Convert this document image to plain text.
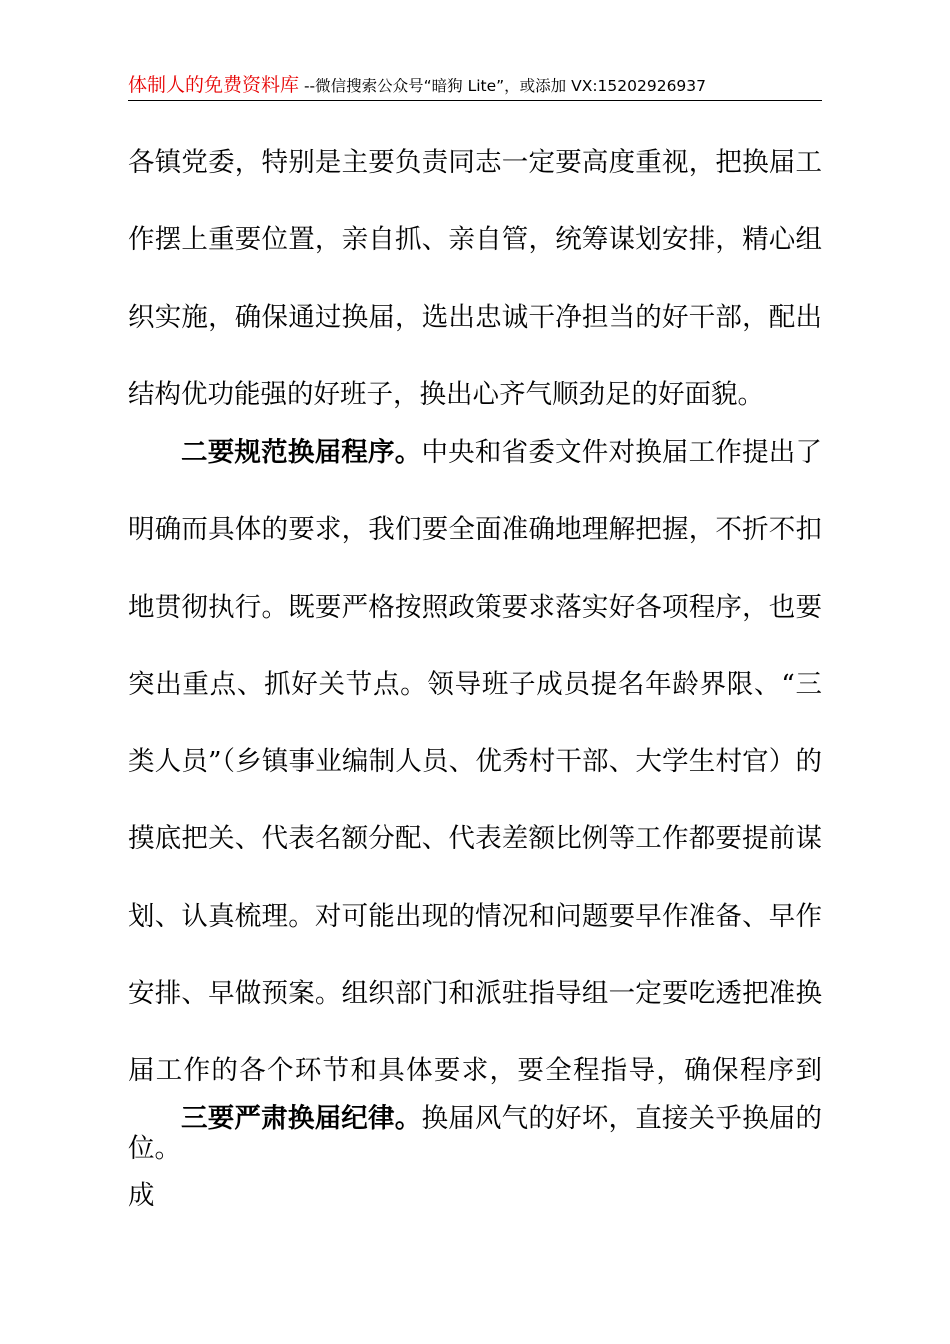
体制人的免费资料库 --微信搜索公众号“暗狗 Lite”，或添加 VX:15202926937

各镇党委，特别是主要负责同志一定要高度重视，把换届工作摆上重要位置，亲自抓、亲自管，统筹谋划安排，精心组织实施，确保通过换届，选出忠诚干净担当的好干部，配出结构优功能强的好班子，换出心齐气顺劲足的好面貌。

二要规范换届程序。中央和省委文件对换届工作提出了明确而具体的要求，我们要全面准确地理解把握，不折不扣地贯彻执行。既要严格按照政策要求落实好各项程序，也要突出重点、抓好关节点。领导班子成员提名年龄界限、“三类人员”（乡镇事业编制人员、优秀村干部、大学生村官）的摸底把关、代表名额分配、代表差额比例等工作都要提前谋划、认真梳理。对可能出现的情况和问题要早作准备、早作安排、早做预案。组织部门和派驻指导组一定要吃透把准换届工作的各个环节和具体要求，要全程指导，确保程序到位。

三要严肃换届纪律。换届风气的好坏，直接关乎换届的成
